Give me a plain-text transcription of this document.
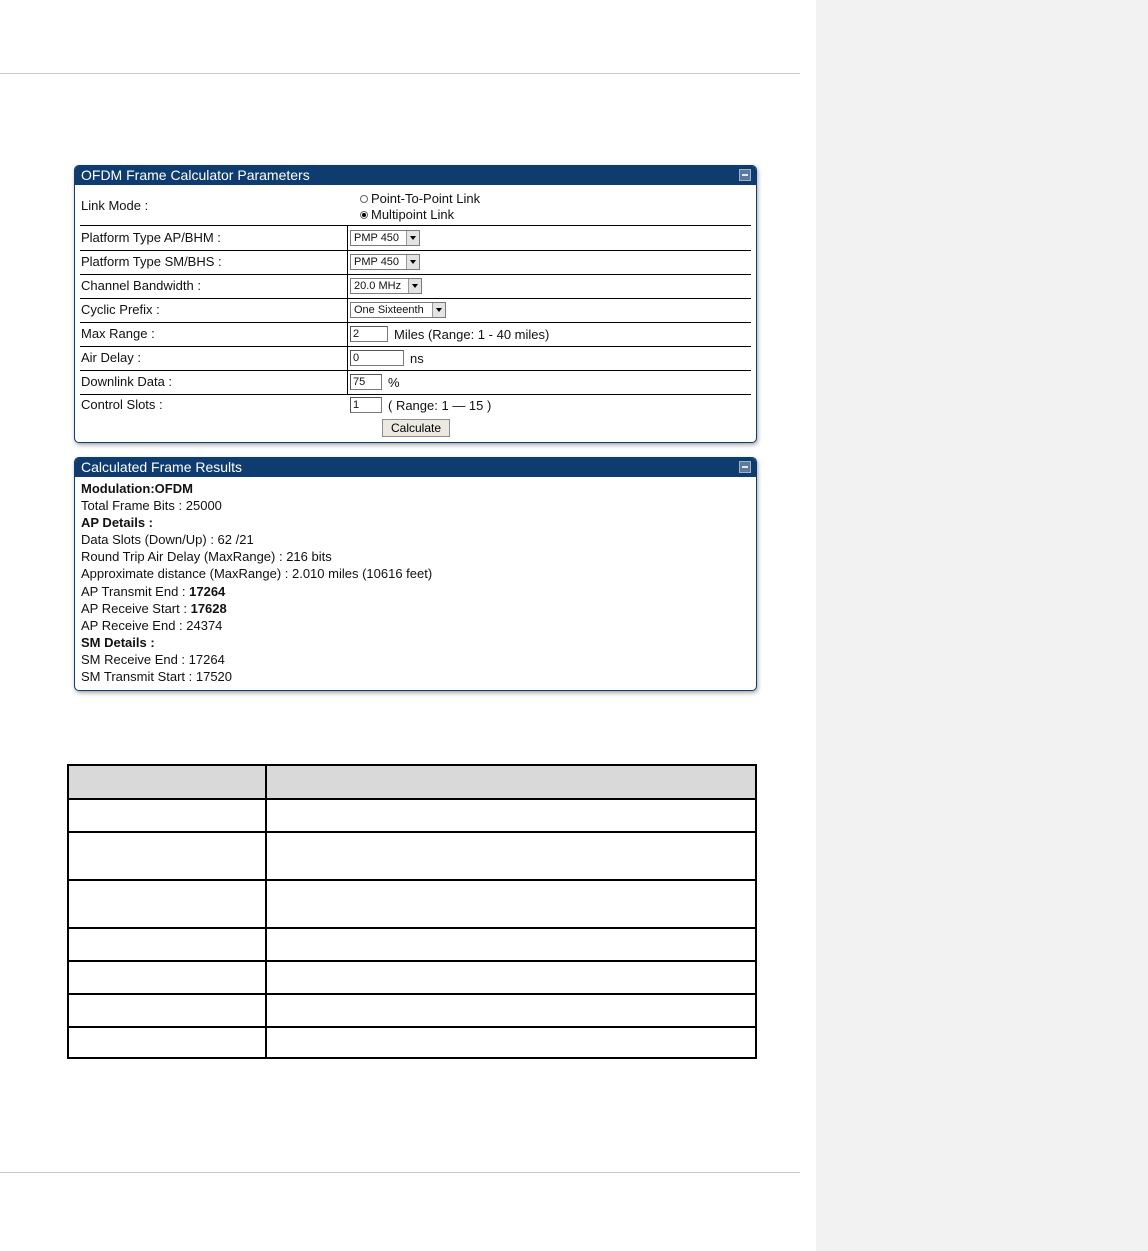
OFDM Frame Calculator Parameters
Link Mode :	Point-To-Point Link
Multipoint Link
Platform Type AP/BHM :	PMP 450
Platform Type SM/BHS :	PMP 450
Channel Bandwidth :	20.0 MHz
Cyclic Prefix :	One Sixteenth
Max Range :	2	Miles (Range: 1 - 40 miles)
Air Delay :	0	ns
Downlink Data :	75	%
Control Slots :	1	( Range: 1 — 15 )
Calculate
Calculated Frame Results
Modulation:OFDM
Total Frame Bits : 25000
AP Details :
Data Slots (Down/Up) : 62 /21
Round Trip Air Delay (MaxRange) : 216 bits
Approximate distance (MaxRange) : 2.010 miles (10616 feet)
AP Transmit End : 17264
AP Receive Start : 17628
AP Receive End : 24374
SM Details :
SM Receive End : 17264
SM Transmit Start : 17520
